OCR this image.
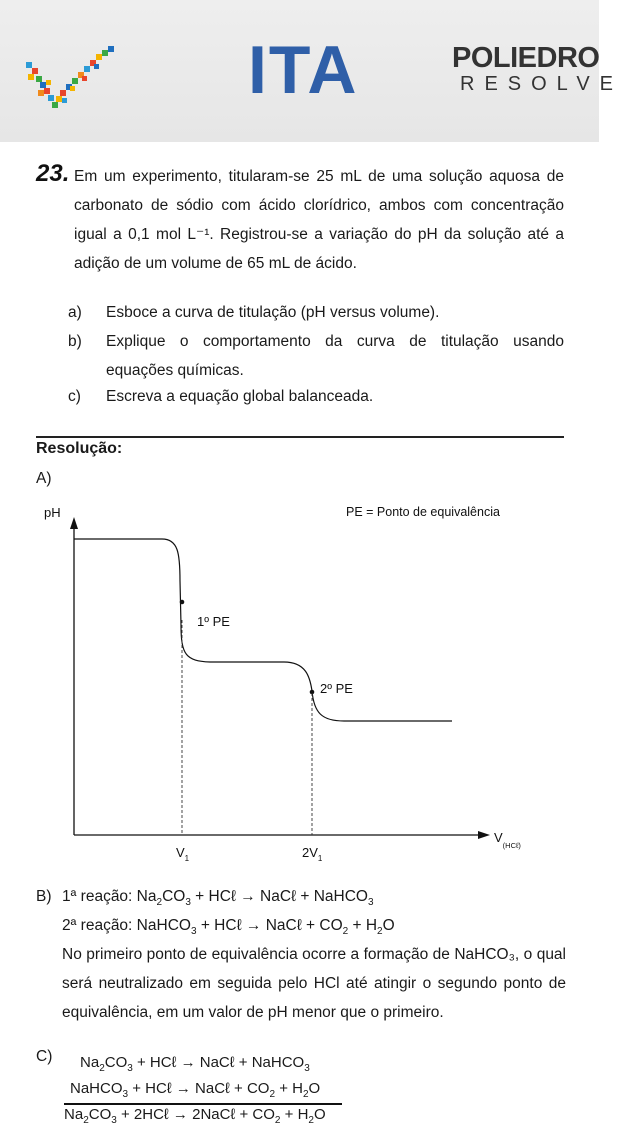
ITA	POLIEDRO
RESOLVE
23. Em um experimento, titularam-se 25 mL de uma solução aquosa de carbonato de sódio com ácido clorídrico, ambos com concentração igual a 0,1 mol L⁻¹. Registrou-se a variação do pH da solução até a adição de um volume de 65 mL de ácido.
a) Esboce a curva de titulação (pH versus volume).
b) Explique o comportamento da curva de titulação usando equações químicas.
c) Escreva a equação global balanceada.
Resolução:
A)
pH	PE = Ponto de equivalência
1º PE
2º PE
$V_1$	$2V_1$
$V_{(HC\ell)}$
B) 1ª reação: $Na_2CO_3$ + HCℓ → NaCℓ + NaHCO$_3$
2ª reação: NaHCO$_3$ + HCℓ → NaCℓ + $CO_2 + H_2O$
No primeiro ponto de equivalência ocorre a formação de NaHCO₃, o qual será neutralizado em seguida pelo HCl até atingir o segundo ponto de equivalência, em um valor de pH menor que o primeiro.
C) $Na_2CO_3$ + HCℓ → NaCℓ + NaHCO$_3$
NaHCO$_3$ + HCℓ → NaCℓ + $CO_2 + H_2O$
$Na_2CO_3$ + 2HCℓ → 2NaCℓ + $CO_2 + H_2O$
